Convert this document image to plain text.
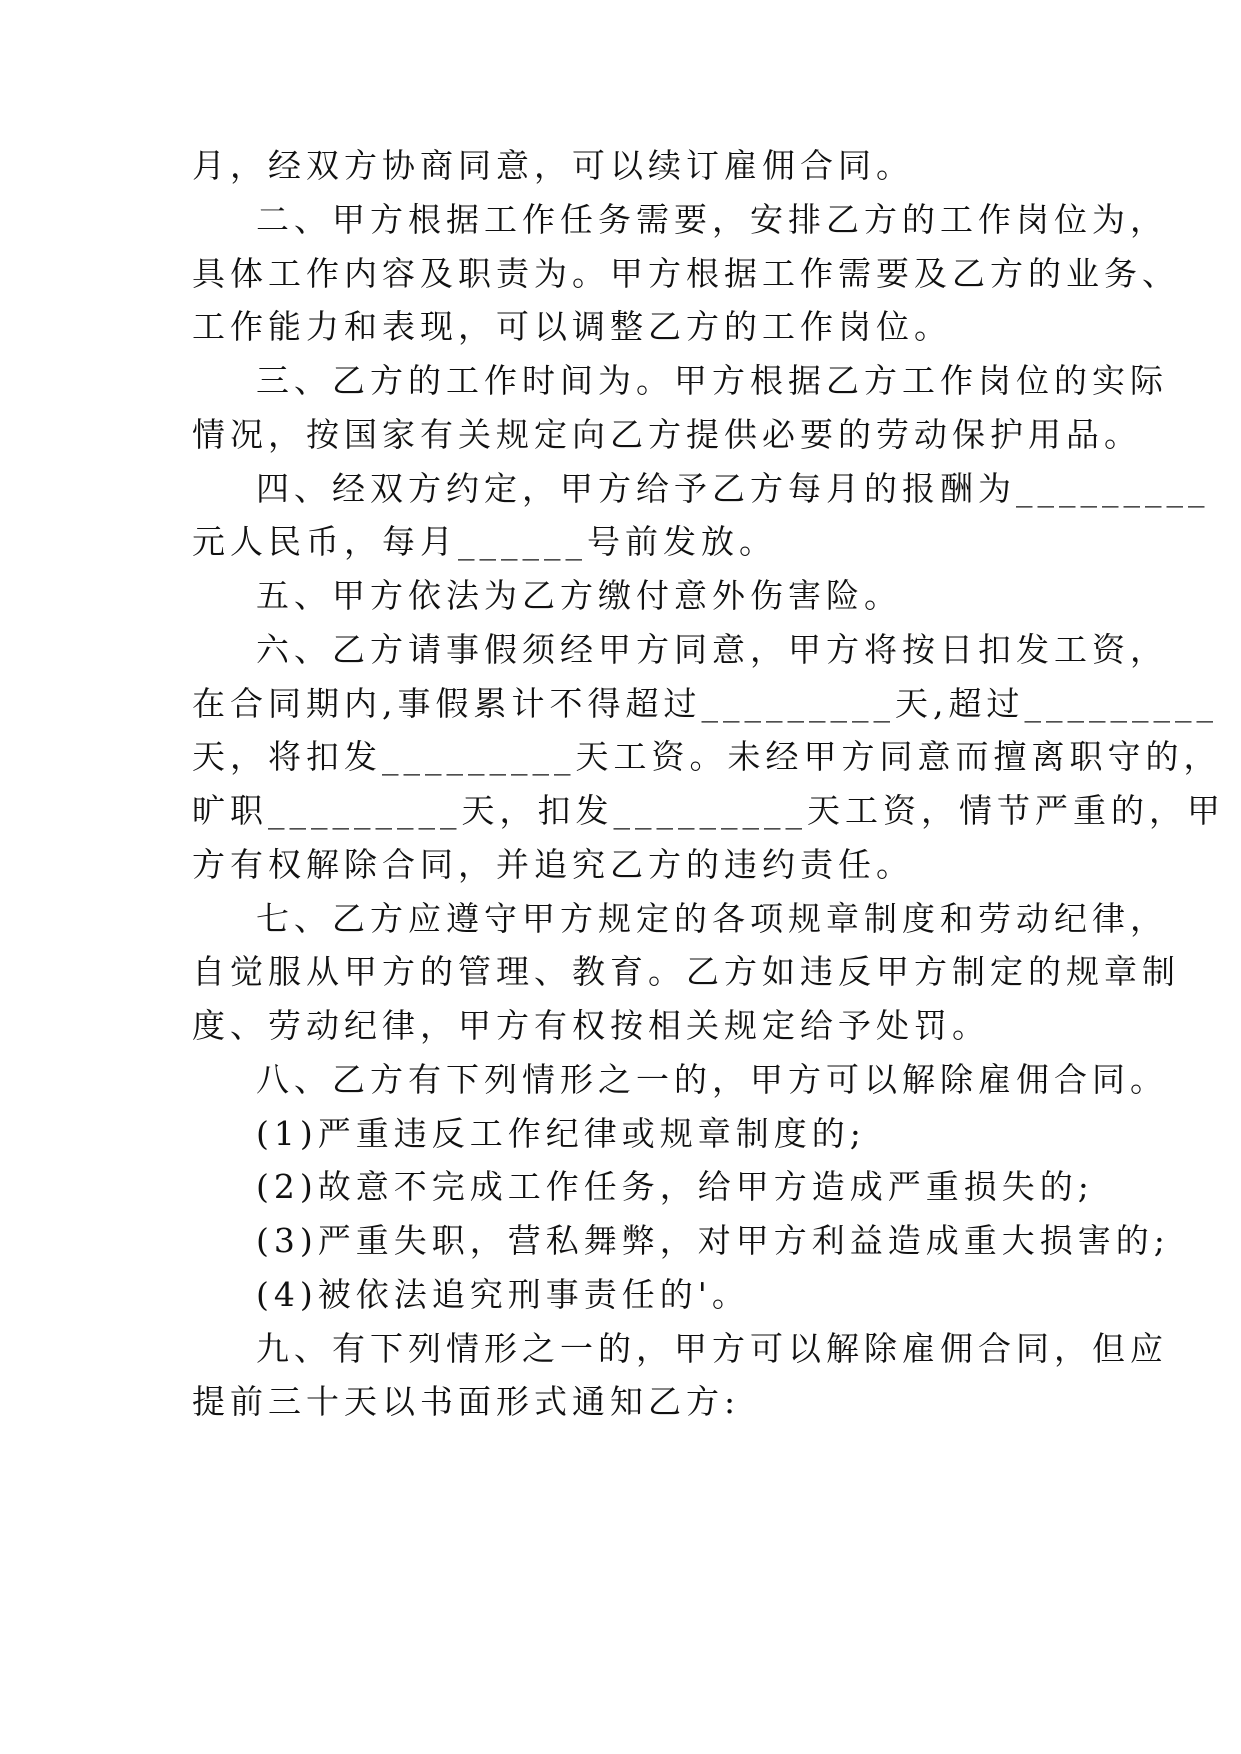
月，经双方协商同意，可以续订雇佣合同。
二、甲方根据工作任务需要，安排乙方的工作岗位为，
具体工作内容及职责为。甲方根据工作需要及乙方的业务、
工作能力和表现，可以调整乙方的工作岗位。
三、乙方的工作时间为。甲方根据乙方工作岗位的实际
情况，按国家有关规定向乙方提供必要的劳动保护用品。
四、经双方约定，甲方给予乙方每月的报酬为_________
元人民币，每月______号前发放。
五、甲方依法为乙方缴付意外伤害险。
六、乙方请事假须经甲方同意，甲方将按日扣发工资，
在合同期内,事假累计不得超过_________天,超过_________
天，将扣发_________天工资。未经甲方同意而擅离职守的，
旷职_________天，扣发_________天工资，情节严重的，甲
方有权解除合同，并追究乙方的违约责任。
七、乙方应遵守甲方规定的各项规章制度和劳动纪律，
自觉服从甲方的管理、教育。乙方如违反甲方制定的规章制
度、劳动纪律，甲方有权按相关规定给予处罚。
八、乙方有下列情形之一的，甲方可以解除雇佣合同。
(1)严重违反工作纪律或规章制度的;
(2)故意不完成工作任务，给甲方造成严重损失的;
(3)严重失职，营私舞弊，对甲方利益造成重大损害的;
(4)被依法追究刑事责任的'。
九、有下列情形之一的，甲方可以解除雇佣合同，但应
提前三十天以书面形式通知乙方:
